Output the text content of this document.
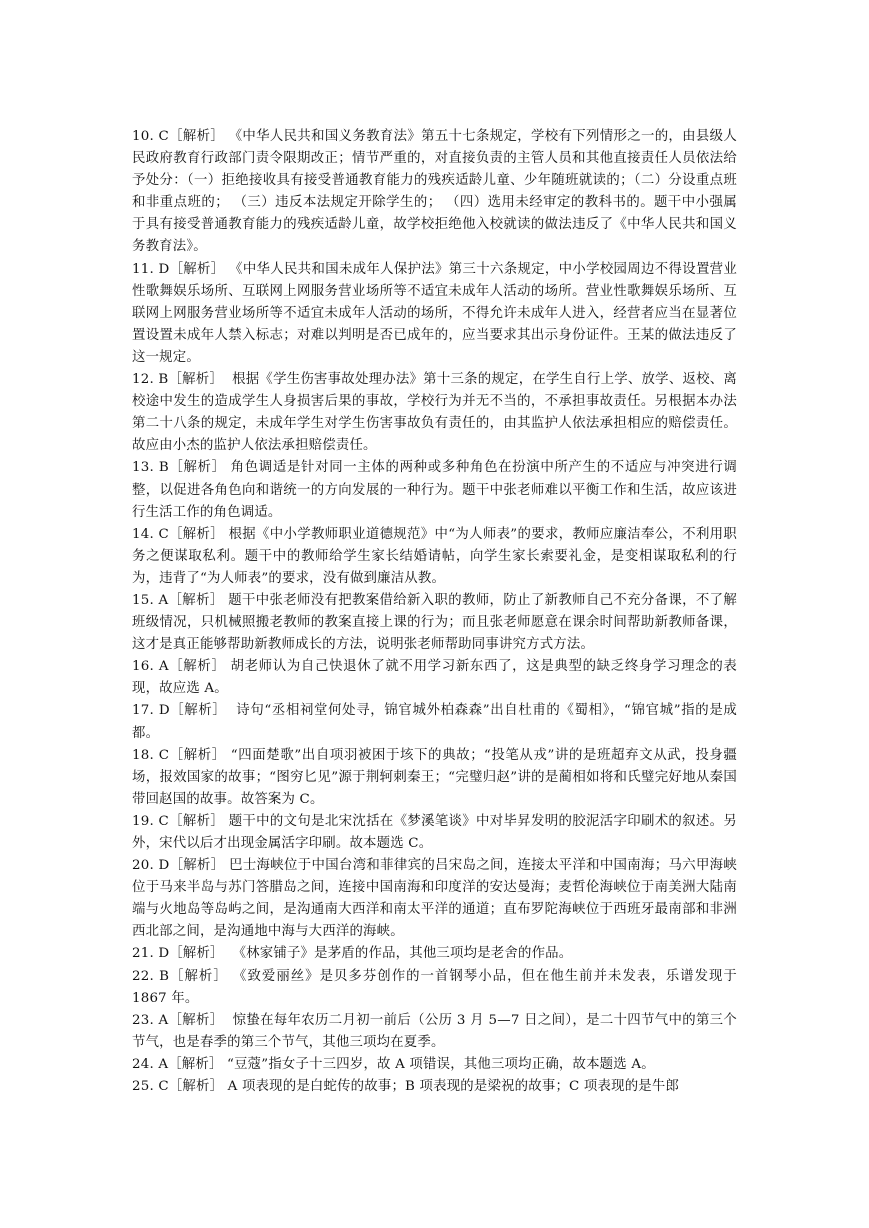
10. C［解析］ 《中华人民共和国义务教育法》第五十七条规定，学校有下列情形之一的，由县级人民政府教育行政部门责令限期改正；情节严重的，对直接负责的主管人员和其他直接责任人员依法给予处分：（一）拒绝接收具有接受普通教育能力的残疾适龄儿童、少年随班就读的；（二）分设重点班和非重点班的； （三）违反本法规定开除学生的； （四）选用未经审定的教科书的。题干中小强属于具有接受普通教育能力的残疾适龄儿童，故学校拒绝他入校就读的做法违反了《中华人民共和国义务教育法》。

11. D［解析］ 《中华人民共和国未成年人保护法》第三十六条规定，中小学校园周边不得设置营业性歌舞娱乐场所、互联网上网服务营业场所等不适宜未成年人活动的场所。营业性歌舞娱乐场所、互联网上网服务营业场所等不适宜未成年人活动的场所，不得允许未成年人进入，经营者应当在显著位置设置未成年人禁入标志；对难以判明是否已成年的，应当要求其出示身份证件。王某的做法违反了这一规定。

12. B［解析］  根据《学生伤害事故处理办法》第十三条的规定，在学生自行上学、放学、返校、离校途中发生的造成学生人身损害后果的事故，学校行为并无不当的，不承担事故责任。另根据本办法第二十八条的规定，未成年学生对学生伤害事故负有责任的，由其监护人依法承担相应的赔偿责任。故应由小杰的监护人依法承担赔偿责任。

13. B［解析］ 角色调适是针对同一主体的两种或多种角色在扮演中所产生的不适应与冲突进行调整，以促进各角色向和谐统一的方向发展的一种行为。题干中张老师难以平衡工作和生活，故应该进行生活工作的角色调适。

14. C［解析］ 根据《中小学教师职业道德规范》中“为人师表”的要求，教师应廉洁奉公，不利用职务之便谋取私利。题干中的教师给学生家长结婚请帖，向学生家长索要礼金，是变相谋取私利的行为，违背了“为人师表”的要求，没有做到廉洁从教。

15. A［解析］ 题干中张老师没有把教案借给新入职的教师，防止了新教师自己不充分备课，不了解班级情况，只机械照搬老教师的教案直接上课的行为；而且张老师愿意在课余时间帮助新教师备课，这才是真正能够帮助新教师成长的方法，说明张老师帮助同事讲究方式方法。

16. A［解析］ 胡老师认为自己快退休了就不用学习新东西了，这是典型的缺乏终身学习理念的表现，故应选 A。

17. D［解析］  诗句“丞相祠堂何处寻，锦官城外柏森森”出自杜甫的《蜀相》，“锦官城”指的是成都。

18. C［解析］ “四面楚歌”出自项羽被困于垓下的典故；“投笔从戎”讲的是班超弃文从武，投身疆场，报效国家的故事；“图穷匕见”源于荆轲刺秦王；“完璧归赵”讲的是蔺相如将和氏璧完好地从秦国带回赵国的故事。故答案为 C。

19. C［解析］ 题干中的文句是北宋沈括在《梦溪笔谈》中对毕昇发明的胶泥活字印刷术的叙述。另外，宋代以后才出现金属活字印刷。故本题选 C。

20. D［解析］ 巴士海峡位于中国台湾和菲律宾的吕宋岛之间，连接太平洋和中国南海；马六甲海峡位于马来半岛与苏门答腊岛之间，连接中国南海和印度洋的安达曼海；麦哲伦海峡位于南美洲大陆南端与火地岛等岛屿之间，是沟通南大西洋和南太平洋的通道；直布罗陀海峡位于西班牙最南部和非洲西北部之间，是沟通地中海与大西洋的海峡。

21. D［解析］  《林家铺子》是茅盾的作品，其他三项均是老舍的作品。

22. B［解析］ 《致爱丽丝》是贝多芬创作的一首钢琴小品，但在他生前并未发表，乐谱发现于 1867 年。

23. A［解析］  惊蛰在每年农历二月初一前后（公历 3 月 5—7 日之间），是二十四节气中的第三个节气，也是春季的第三个节气，其他三项均在夏季。

24. A［解析］ “豆蔻”指女子十三四岁，故 A 项错误，其他三项均正确，故本题选 A。

25. C［解析］ A 项表现的是白蛇传的故事；B 项表现的是梁祝的故事；C 项表现的是牛郎
